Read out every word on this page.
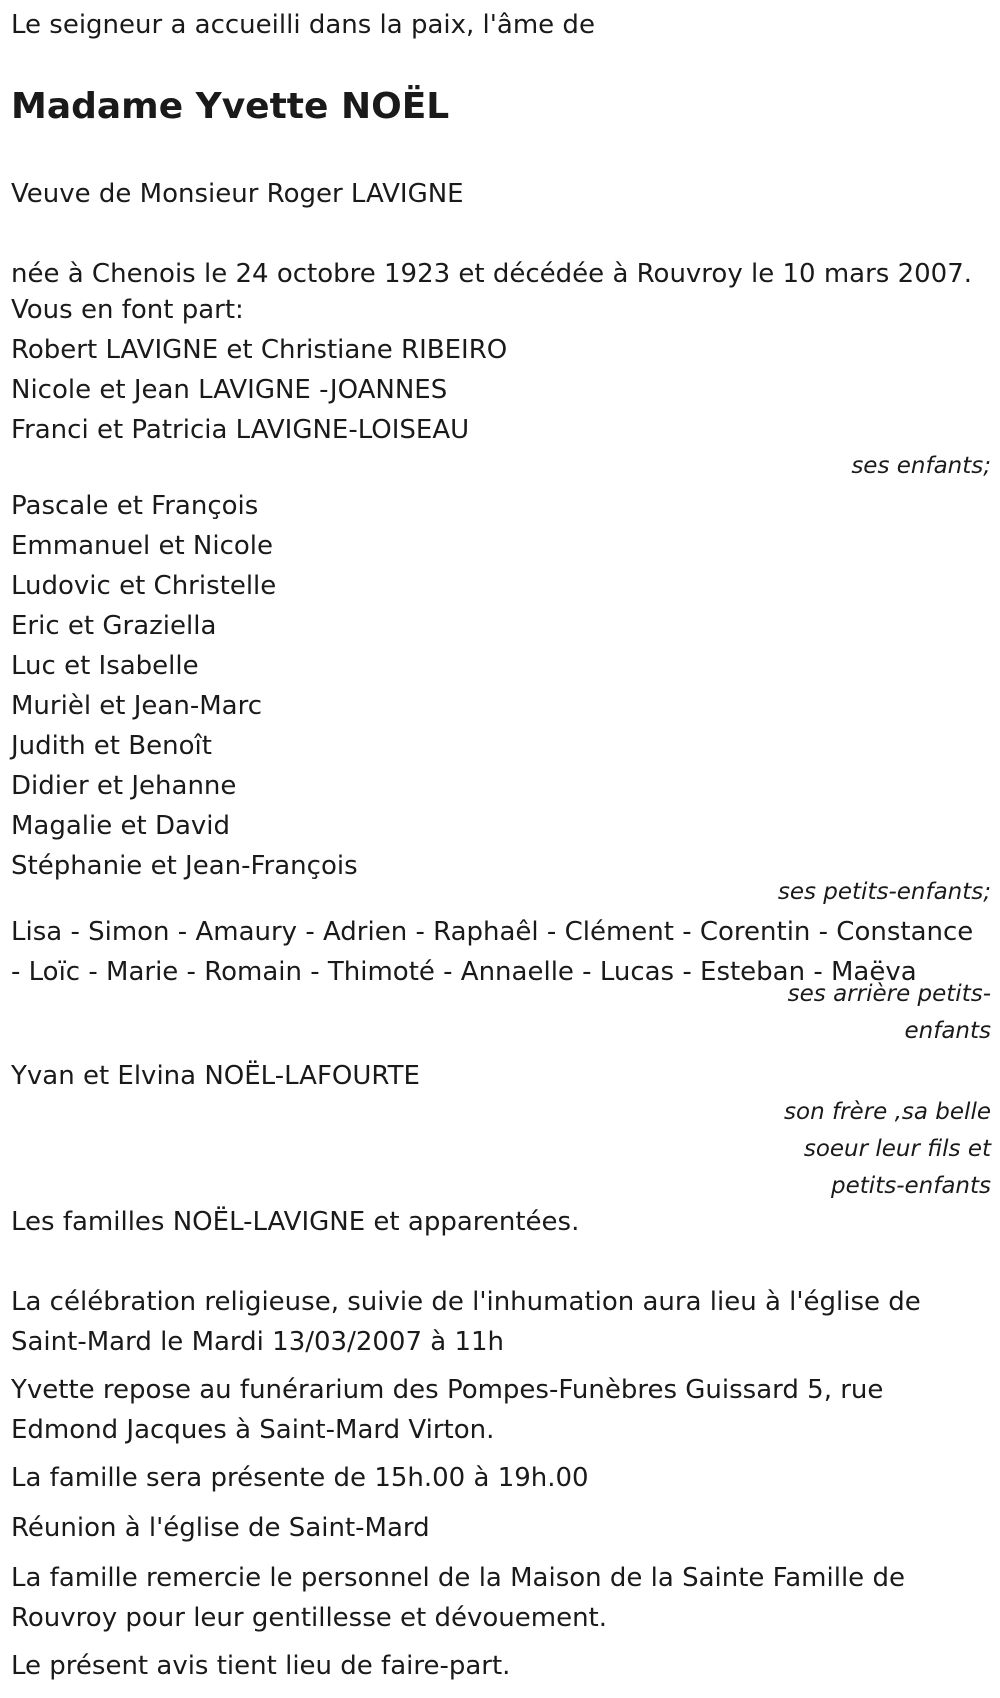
Le seigneur a accueilli dans la paix, l'âme de
Madame Yvette NOËL
Veuve de Monsieur Roger LAVIGNE
née à Chenois le 24 octobre 1923 et décédée à Rouvroy le 10 mars 2007.
Vous en font part:
Robert LAVIGNE et Christiane RIBEIRO
Nicole et Jean LAVIGNE -JOANNES
Franci et Patricia LAVIGNE-LOISEAU
ses enfants;
Pascale et François
Emmanuel et Nicole
Ludovic et Christelle
Eric et Graziella
Luc et Isabelle
Murièl et Jean-Marc
Judith et Benoît
Didier et Jehanne
Magalie et David
Stéphanie et Jean-François
ses petits-enfants;
Lisa - Simon - Amaury - Adrien - Raphaêl - Clément - Corentin - Constance
- Loïc - Marie - Romain - Thimoté - Annaelle - Lucas - Esteban - Maëva
ses arrière petits-
enfants
Yvan et Elvina NOËL-LAFOURTE
son frère ,sa belle
soeur leur fils et
petits-enfants
Les familles NOËL-LAVIGNE et apparentées.
La célébration religieuse, suivie de l'inhumation aura lieu à l'église de
Saint-Mard le Mardi 13/03/2007 à 11h
Yvette repose au funérarium des Pompes-Funèbres Guissard 5, rue
Edmond Jacques à Saint-Mard Virton.
La famille sera présente de 15h.00 à 19h.00
Réunion à l'église de Saint-Mard
La famille remercie le personnel de la Maison de la Sainte Famille de
Rouvroy pour leur gentillesse et dévouement.
Le présent avis tient lieu de faire-part.
